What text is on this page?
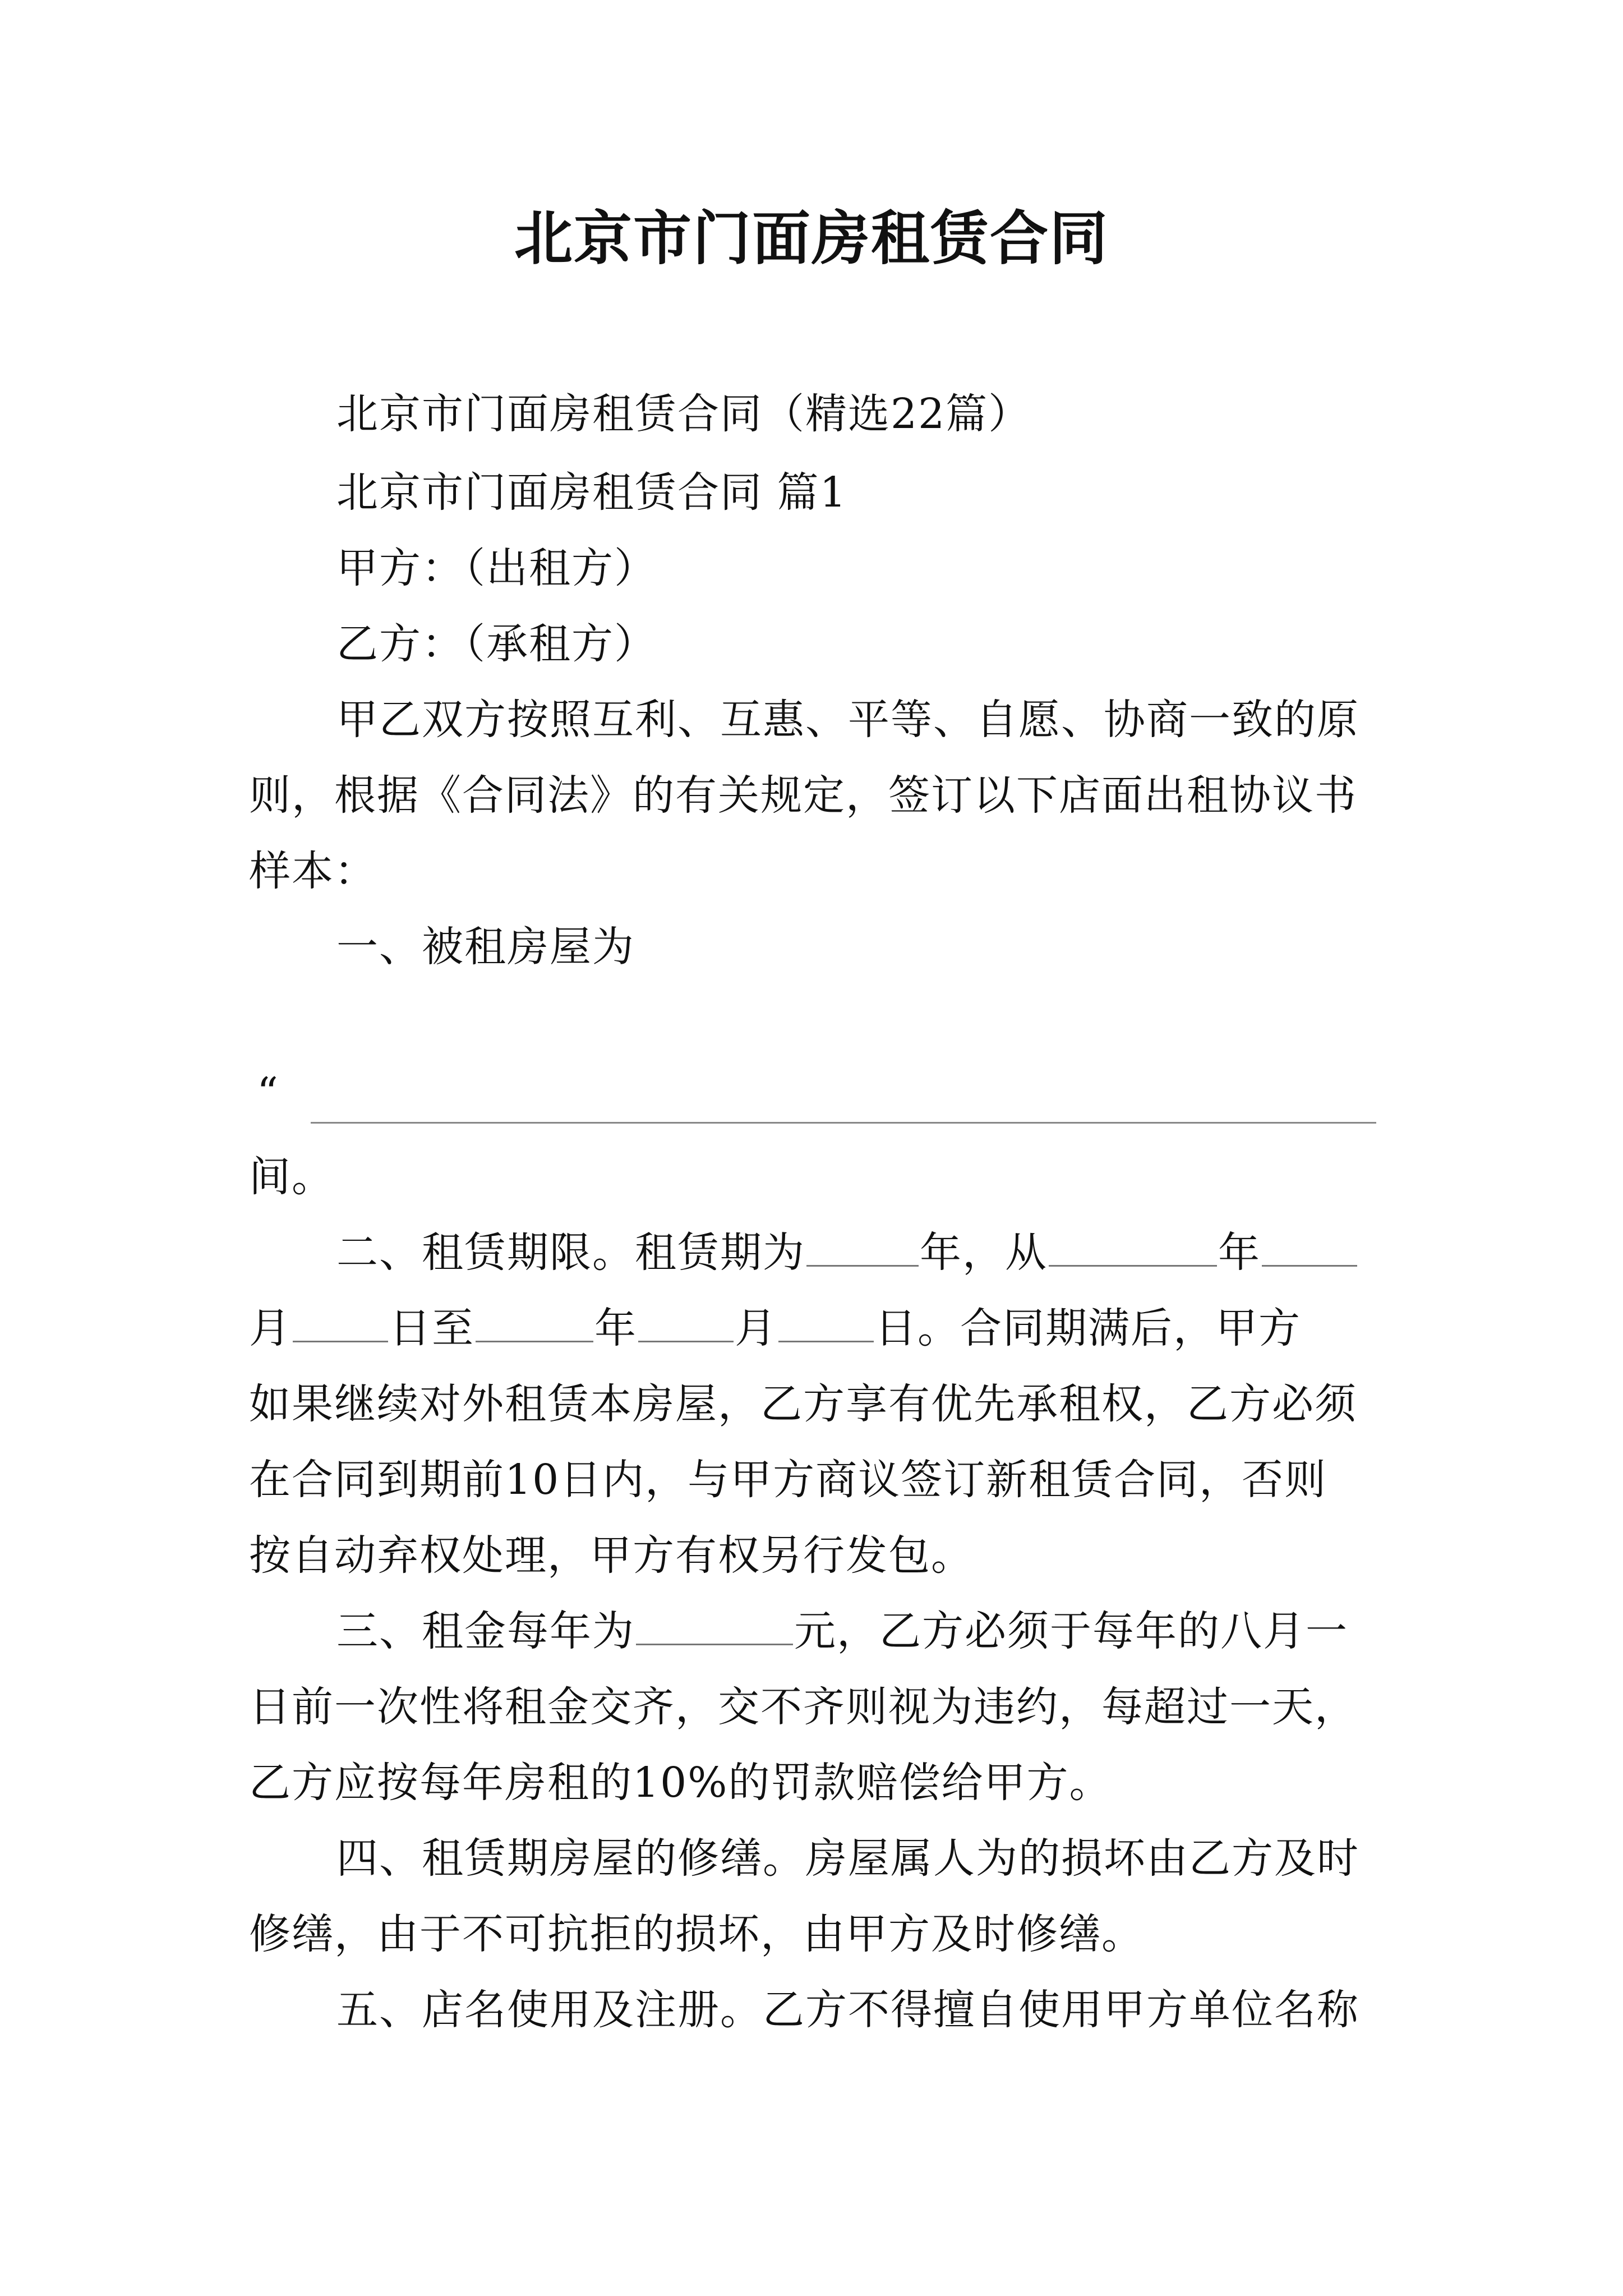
北京市门面房租赁合同
北京市门面房租赁合同（精选22篇）
北京市门面房租赁合同 篇1
甲方：（出租方）
乙方：（承租方）
甲乙双方按照互利、互惠、平等、自愿、协商一致的原
则，根据《合同法》的有关规定，签订以下店面出租协议书
样本：
一、被租房屋为
“
间。
二、租赁期限。租赁期为	年，从	年
月 日至	年 月 日。合同期满后，甲方
如果继续对外租赁本房屋，乙方享有优先承租权，乙方必须
在合同到期前10日内，与甲方商议签订新租赁合同，否则
按自动弃权处理，甲方有权另行发包。
三、租金每年为	元，乙方必须于每年的八月一
日前一次性将租金交齐，交不齐则视为违约，每超过一天，
乙方应按每年房租的10%的罚款赔偿给甲方。
四、租赁期房屋的修缮。房屋属人为的损坏由乙方及时
修缮，由于不可抗拒的损坏，由甲方及时修缮。
五、店名使用及注册。乙方不得擅自使用甲方单位名称
